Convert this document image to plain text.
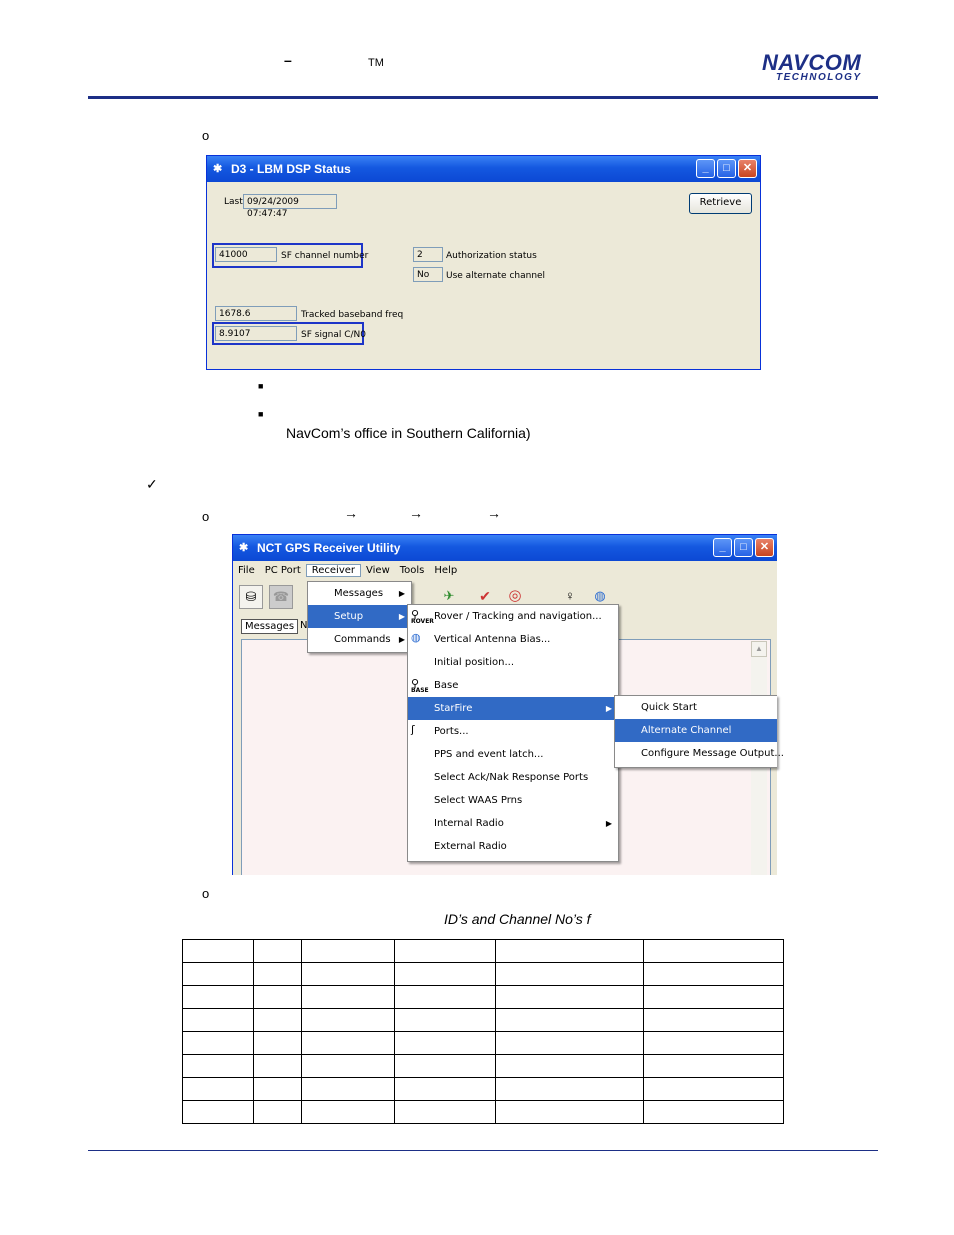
–	TM	NAVCOM
TECHNOLOGY
o
✱ D3 - LBM DSP Status	_	□	✕
Last 09/24/2009 07:47:47
Retrieve
41000	SF channel number	2	Authorization status
No	Use alternate channel
1678.6	Tracked baseband freq
8.9107	SF signal C/N0
■
■
NavCom’s office in Southern California)
✓
o	→	→	→
✱ NCT GPS Receiver Utility	_	□	✕
File	PC Port	Receiver	View	Tools	Help
⛁	☎	✈	✔	◎	♀	◍
Messages N
▲
Messages ▶
Setup	▶
Commands ▶
⚲
ROVER Rover / Tracking and navigation...
◍ Vertical Antenna Bias...
Initial position...
⚲
BASE Base
StarFire	▶
ʃ Ports...
PPS and event latch...
Select Ack/Nak Response Ports
Select WAAS Prns
Internal Radio	▶
External Radio
Quick Start
Alternate Channel
Configure Message Output...
o
ID’s and Channel No’s f
